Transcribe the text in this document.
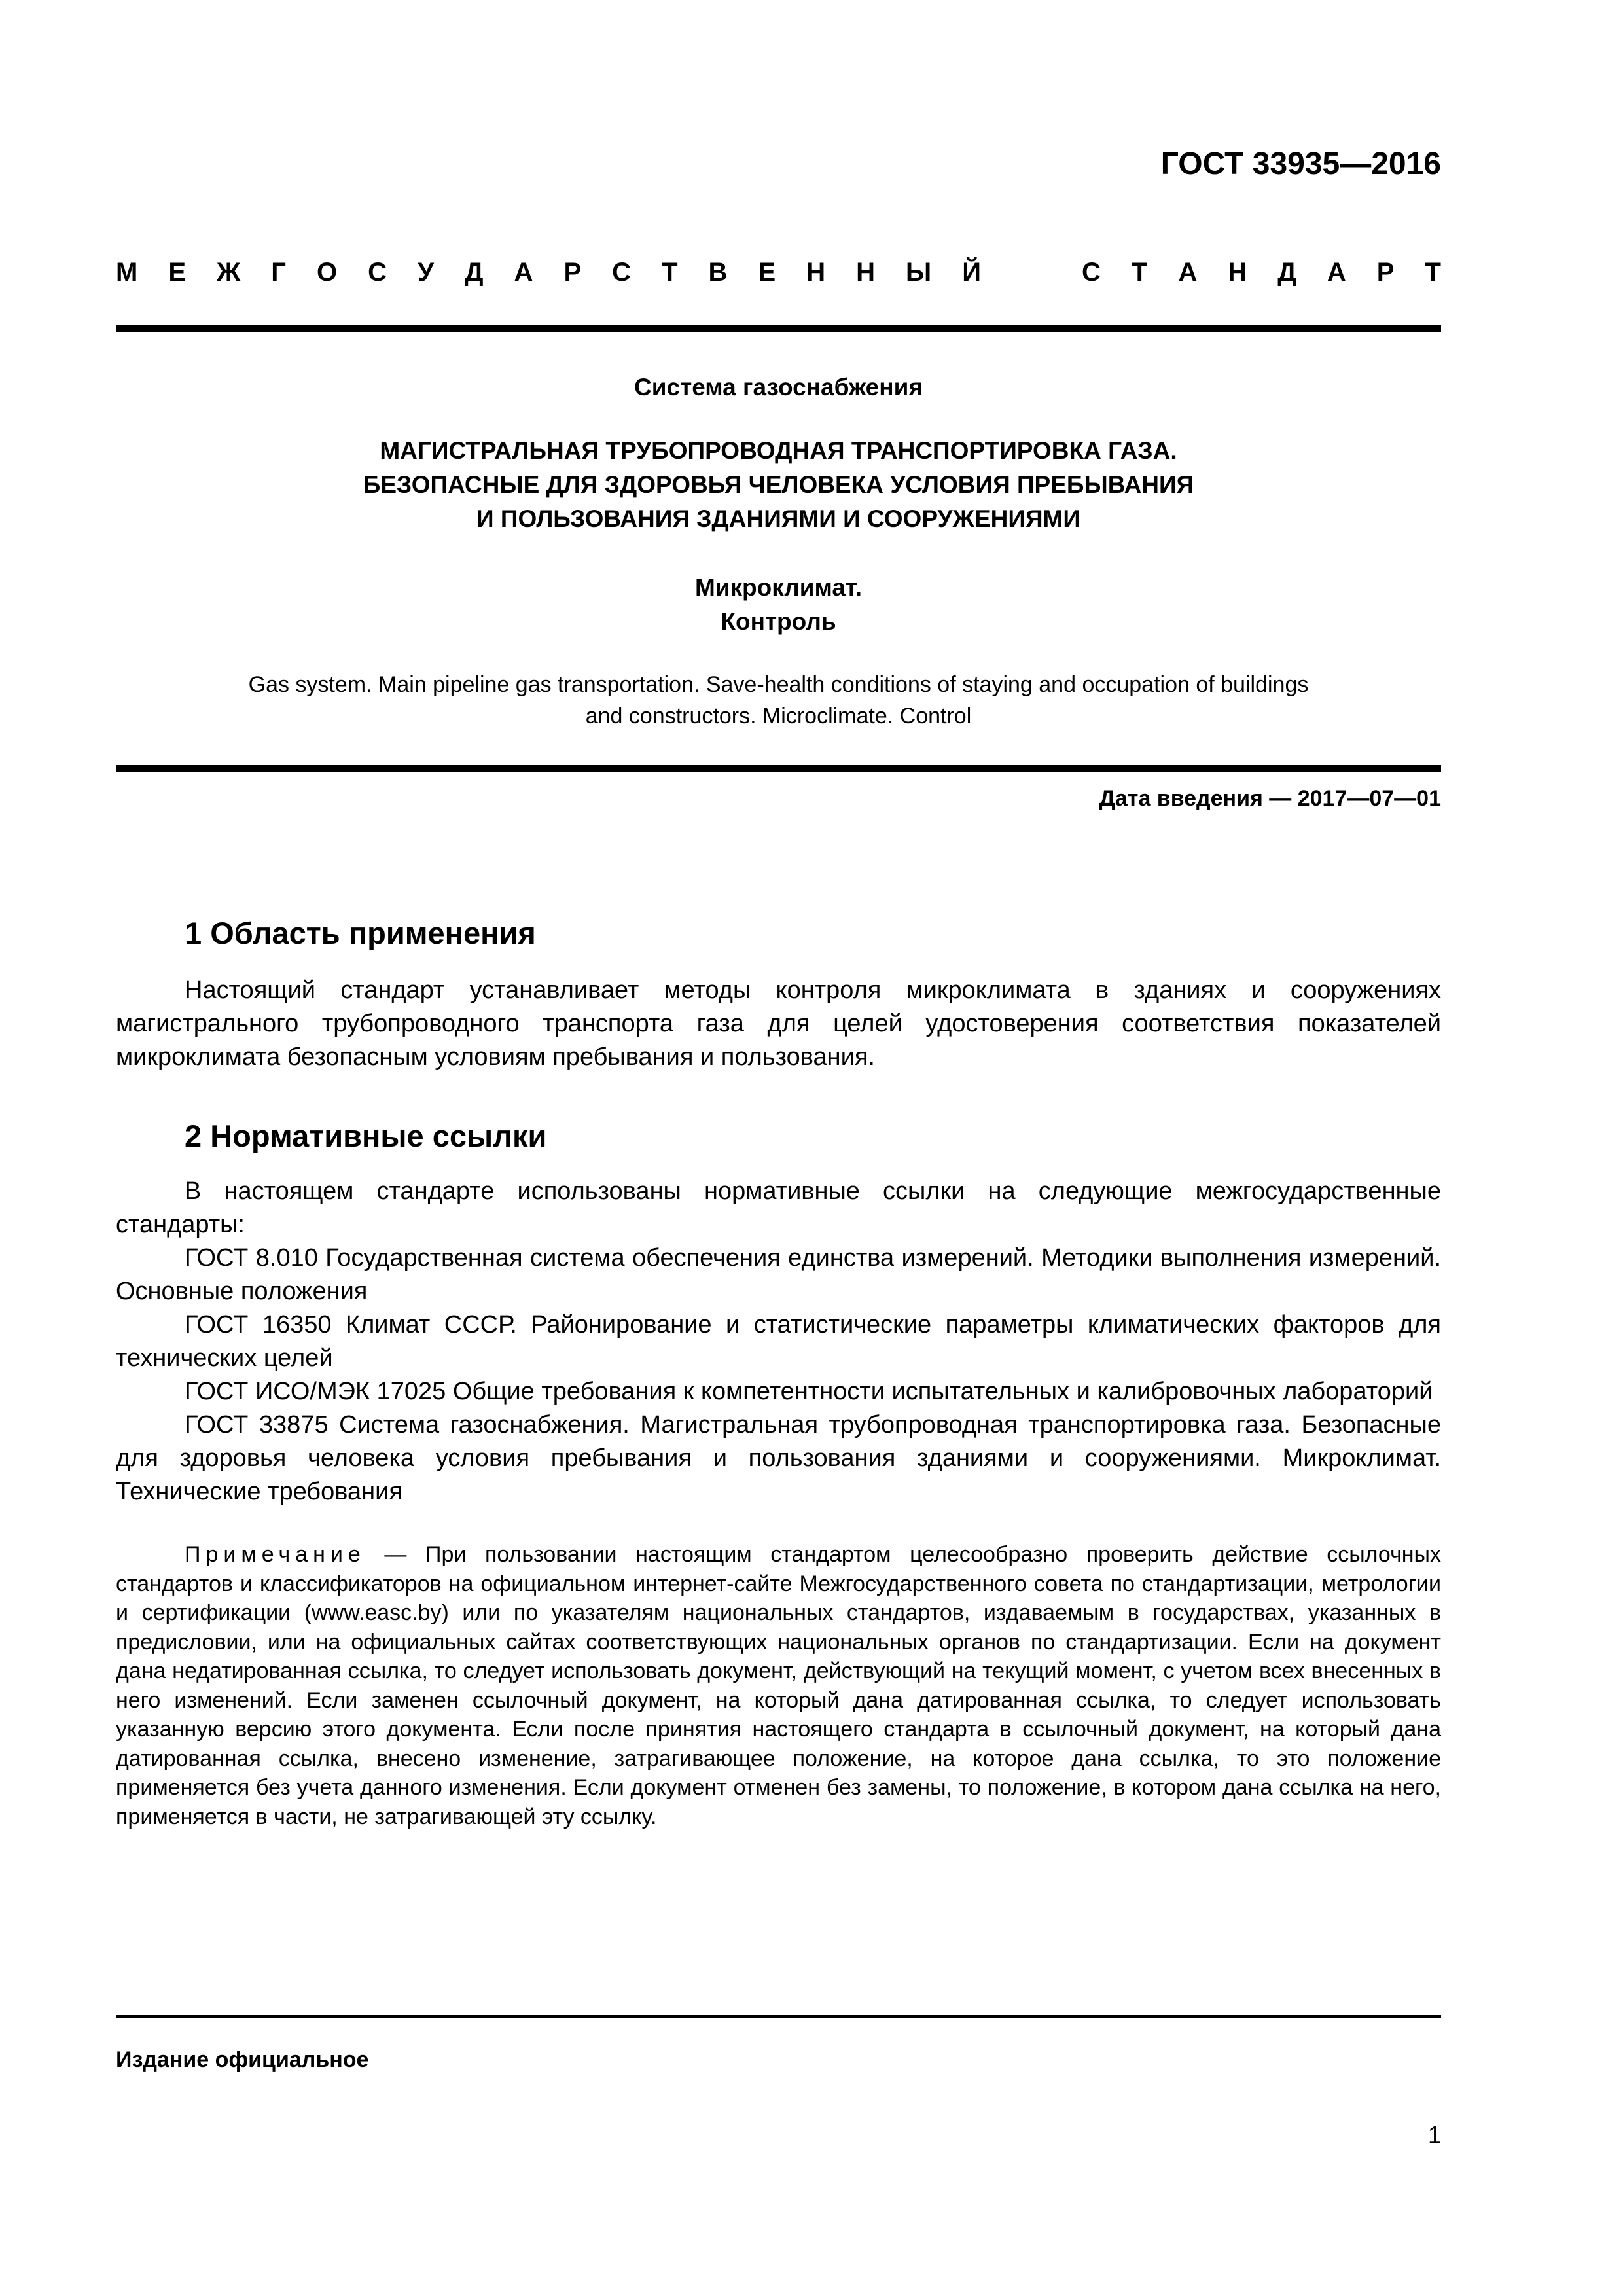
ГОСТ 33935—2016
М Е Ж Г О С У Д А Р С Т В Е Н Н Ы Й	С Т А Н Д А Р Т
Система газоснабжения
МАГИСТРАЛЬНАЯ ТРУБОПРОВОДНАЯ ТРАНСПОРТИРОВКА ГАЗА.
БЕЗОПАСНЫЕ ДЛЯ ЗДОРОВЬЯ ЧЕЛОВЕКА УСЛОВИЯ ПРЕБЫВАНИЯ
И ПОЛЬЗОВАНИЯ ЗДАНИЯМИ И СООРУЖЕНИЯМИ
Микроклимат.
Контроль
Gas system. Main pipeline gas transportation. Save-health conditions of staying and occupation of buildings
and constructors. Microclimate. Control
Дата введения — 2017—07—01
1 Область применения
Настоящий стандарт устанавливает методы контроля микроклимата в зданиях и сооружениях магистрального трубопроводного транспорта газа для целей удостоверения соответствия показателей микроклимата безопасным условиям пребывания и пользования.
2 Нормативные ссылки

В настоящем стандарте использованы нормативные ссылки на следующие межгосударственные стандарты:

ГОСТ 8.010 Государственная система обеспечения единства измерений. Методики выполнения измерений. Основные положения

ГОСТ 16350 Климат СССР. Районирование и статистические параметры климатических факторов для технических целей

ГОСТ ИСО/МЭК 17025 Общие требования к компетентности испытательных и калибровочных лабораторий

ГОСТ 33875 Система газоснабжения. Магистральная трубопроводная транспортировка газа. Безопасные для здоровья человека условия пребывания и пользования зданиями и сооружениями. Микроклимат. Технические требования

Примечание — При пользовании настоящим стандартом целесообразно проверить действие ссылочных стандартов и классификаторов на официальном интернет-сайте Межгосударственного совета по стандартизации, метрологии и сертификации (www.easc.by) или по указателям национальных стандартов, издаваемым в государствах, указанных в предисловии, или на официальных сайтах соответствующих национальных органов по стандартизации. Если на документ дана недатированная ссылка, то следует использовать документ, действующий на текущий момент, с учетом всех внесенных в него изменений. Если заменен ссылочный документ, на который дана датированная ссылка, то следует использовать указанную версию этого документа. Если после принятия настоящего стандарта в ссылочный документ, на который дана датированная ссылка, внесено изменение, затрагивающее положение, на которое дана ссылка, то это положение применяется без учета данного изменения. Если документ отменен без замены, то положение, в котором дана ссылка на него, применяется в части, не затрагивающей эту ссылку.
Издание официальное
1
